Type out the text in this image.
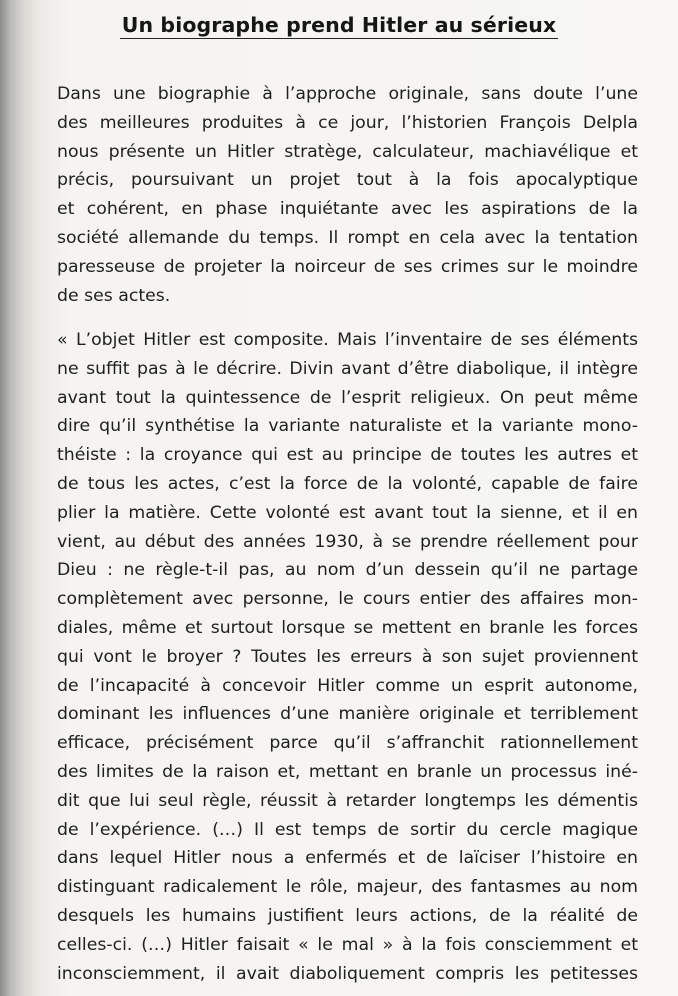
Un biographe prend Hitler au sérieux
Dans une biographie à l’approche originale, sans doute l’une
des meilleures produites à ce jour, l’historien François Delpla
nous présente un Hitler stratège, calculateur, machiavélique et
précis, poursuivant un projet tout à la fois apocalyptique
et cohérent, en phase inquiétante avec les aspirations de la
société allemande du temps. Il rompt en cela avec la tentation
paresseuse de projeter la noirceur de ses crimes sur le moindre
de ses actes.
« L’objet Hitler est composite. Mais l’inventaire de ses éléments
ne suffit pas à le décrire. Divin avant d’être diabolique, il intègre
avant tout la quintessence de l’esprit religieux. On peut même
dire qu’il synthétise la variante naturaliste et la variante mono-
théiste : la croyance qui est au principe de toutes les autres et
de tous les actes, c’est la force de la volonté, capable de faire
plier la matière. Cette volonté est avant tout la sienne, et il en
vient, au début des années 1930, à se prendre réellement pour
Dieu : ne règle-t-il pas, au nom d’un dessein qu’il ne partage
complètement avec personne, le cours entier des affaires mon-
diales, même et surtout lorsque se mettent en branle les forces
qui vont le broyer ? Toutes les erreurs à son sujet proviennent
de l’incapacité à concevoir Hitler comme un esprit autonome,
dominant les influences d’une manière originale et terriblement
efficace, précisément parce qu’il s’affranchit rationnellement
des limites de la raison et, mettant en branle un processus iné-
dit que lui seul règle, réussit à retarder longtemps les démentis
de l’expérience. (…) Il est temps de sortir du cercle magique
dans lequel Hitler nous a enfermés et de laïciser l’histoire en
distinguant radicalement le rôle, majeur, des fantasmes au nom
desquels les humains justifient leurs actions, de la réalité de
celles-ci. (…) Hitler faisait « le mal » à la fois consciemment et
inconsciemment, il avait diaboliquement compris les petitesses
